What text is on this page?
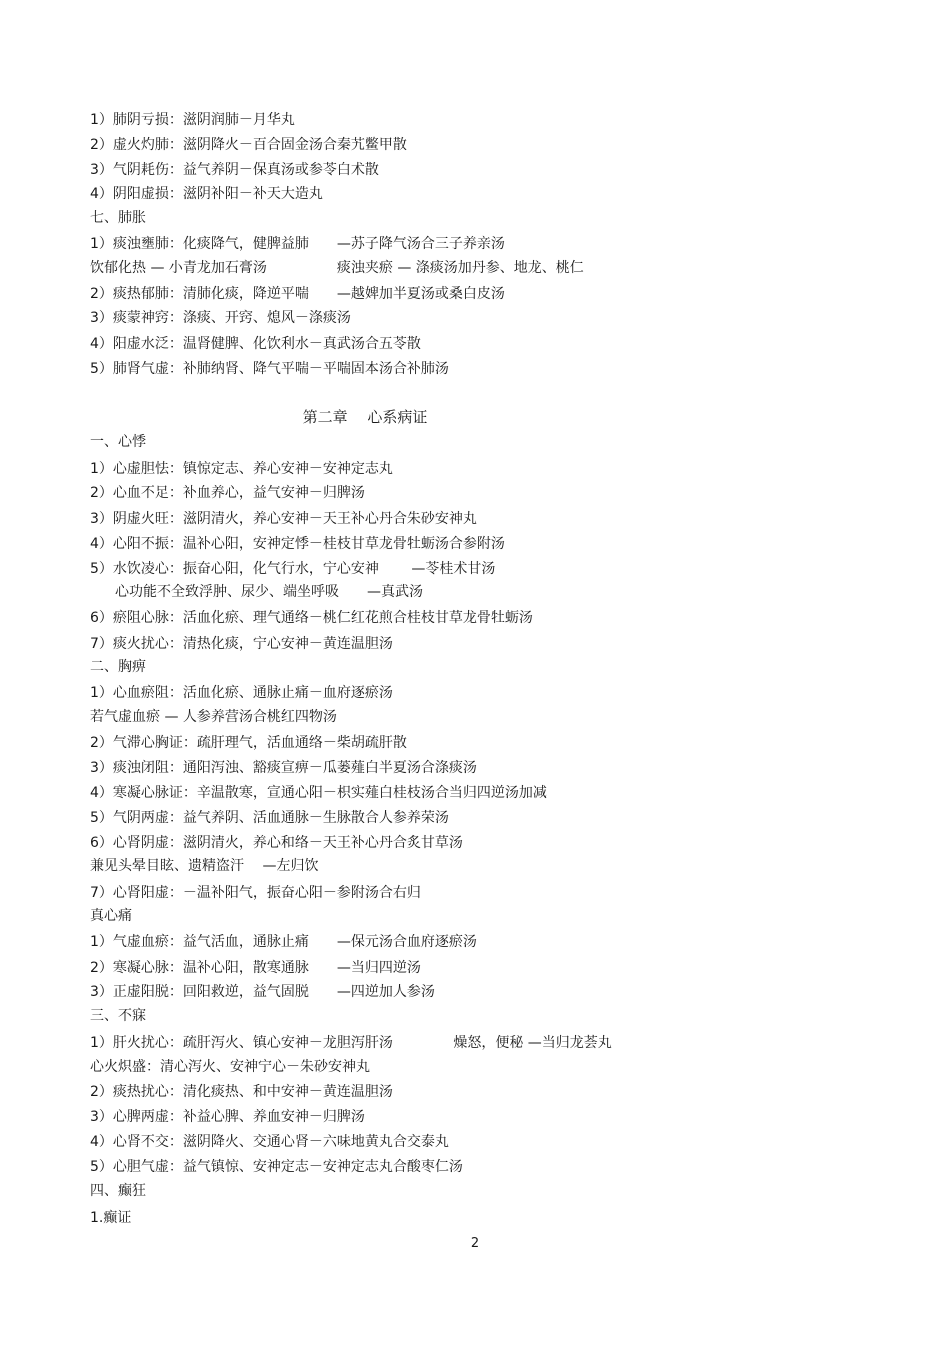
1）肺阴亏损：滋阴润肺－月华丸
2）虚火灼肺：滋阴降火－百合固金汤合秦艽鳖甲散
3）气阴耗伤：益气养阴－保真汤或参苓白术散
4）阴阳虚损：滋阴补阳－补天大造丸
七、肺胀
1）痰浊壅肺：化痰降气，健脾益肺　　—苏子降气汤合三子养亲汤
饮郁化热 — 小青龙加石膏汤　　　　　痰浊夹瘀 — 涤痰汤加丹参、地龙、桃仁
2）痰热郁肺：清肺化痰，降逆平喘　　—越婢加半夏汤或桑白皮汤
3）痰蒙神窍：涤痰、开窍、熄风－涤痰汤
4）阳虚水泛：温肾健脾、化饮利水－真武汤合五苓散
5）肺肾气虚：补肺纳肾、降气平喘－平喘固本汤合补肺汤
一、心悸
1）心虚胆怯：镇惊定志、养心安神－安神定志丸
2）心血不足：补血养心，益气安神－归脾汤
3）阴虚火旺：滋阴清火，养心安神－天王补心丹合朱砂安神丸
4）心阳不振：温补心阳，安神定悸－桂枝甘草龙骨牡蛎汤合参附汤
5）水饮凌心：振奋心阳，化气行水，宁心安神　　 —苓桂术甘汤
心功能不全致浮肿、尿少、端坐呼吸　　—真武汤
6）瘀阻心脉：活血化瘀、理气通络－桃仁红花煎合桂枝甘草龙骨牡蛎汤
7）痰火扰心：清热化痰，宁心安神－黄连温胆汤
二、胸痹
1）心血瘀阻：活血化瘀、通脉止痛－血府逐瘀汤
若气虚血瘀 — 人参养营汤合桃红四物汤
2）气滞心胸证：疏肝理气，活血通络－柴胡疏肝散
3）痰浊闭阻：通阳泻浊、豁痰宣痹－瓜蒌薤白半夏汤合涤痰汤
4）寒凝心脉证：辛温散寒，宣通心阳－枳实薤白桂枝汤合当归四逆汤加减
5）气阴两虚：益气养阴、活血通脉－生脉散合人参养荣汤
6）心肾阴虚：滋阴清火，养心和络－天王补心丹合炙甘草汤
兼见头晕目眩、遗精盗汗　 —左归饮
7）心肾阳虚：－温补阳气，振奋心阳－参附汤合右归
真心痛
1）气虚血瘀：益气活血，通脉止痛　　—保元汤合血府逐瘀汤
2）寒凝心脉：温补心阳，散寒通脉　　—当归四逆汤
3）正虚阳脱：回阳救逆，益气固脱　　—四逆加人参汤
三、不寐
1）肝火扰心：疏肝泻火、镇心安神－龙胆泻肝汤　　　　 燥怒，便秘 —当归龙荟丸
心火炽盛：清心泻火、安神宁心－朱砂安神丸
2）痰热扰心：清化痰热、和中安神－黄连温胆汤
3）心脾两虚：补益心脾、养血安神－归脾汤
4）心肾不交：滋阴降火、交通心肾－六味地黄丸合交泰丸
5）心胆气虚：益气镇惊、安神定志－安神定志丸合酸枣仁汤
四、癫狂
1.癫证
第二章　 心系病证
2
